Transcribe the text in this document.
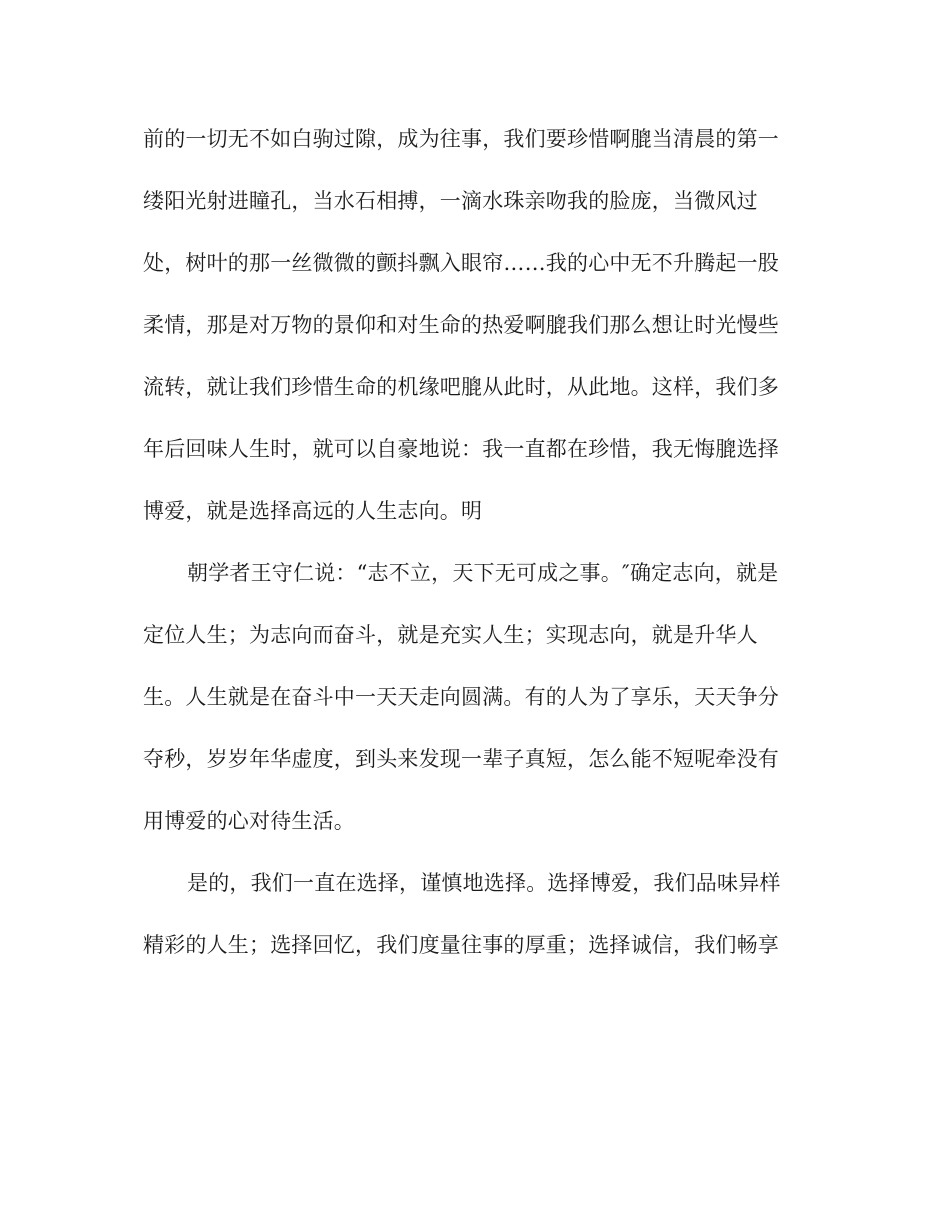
前的一切无不如白驹过隙，成为往事，我们要珍惜啊膍当清晨的第一
缕阳光射进瞳孔，当水石相搏，一滴水珠亲吻我的脸庞，当微风过
处，树叶的那一丝微微的颤抖飘入眼帘……我的心中无不升腾起一股
柔情，那是对万物的景仰和对生命的热爱啊膍我们那么想让时光慢些
流转，就让我们珍惜生命的机缘吧膍从此时，从此地。这样，我们多
年后回味人生时，就可以自豪地说：我一直都在珍惜，我无悔膍选择
博爱，就是选择高远的人生志向。明
朝学者王守仁说：“志不立，天下无可成之事。″确定志向，就是
定位人生；为志向而奋斗，就是充实人生；实现志向，就是升华人
生。人生就是在奋斗中一天天走向圆满。有的人为了享乐，天天争分
夺秒，岁岁年华虚度，到头来发现一辈子真短，怎么能不短呢牵没有
用博爱的心对待生活。
是的，我们一直在选择，谨慎地选择。选择博爱，我们品味异样
精彩的人生；选择回忆，我们度量往事的厚重；选择诚信，我们畅享
